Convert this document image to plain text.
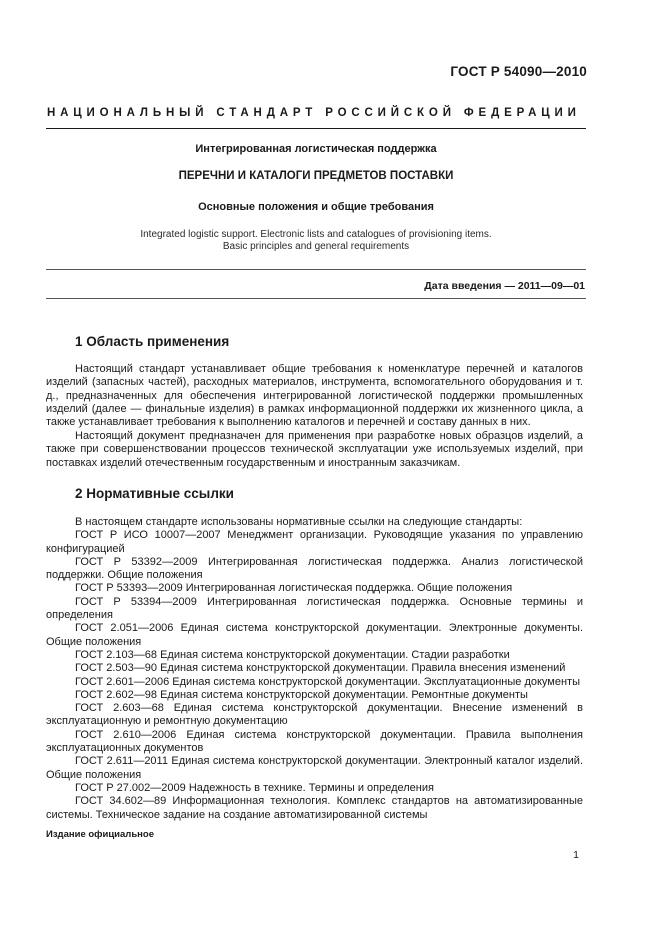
ГОСТ Р 54090—2010
НАЦИОНАЛЬНЫЙ СТАНДАРТ РОССИЙСКОЙ ФЕДЕРАЦИИ
Интегрированная логистическая поддержка
ПЕРЕЧНИ И КАТАЛОГИ ПРЕДМЕТОВ ПОСТАВКИ
Основные положения и общие требования
Integrated logistic support. Electronic lists and catalogues of provisioning items.
Basic principles and general requirements
Дата введения — 2011—09—01
1 Область применения
Настоящий стандарт устанавливает общие требования к номенклатуре перечней и каталогов изделий (запасных частей), расходных материалов, инструмента, вспомогательного оборудования и т. д., предназначенных для обеспечения интегрированной логистической поддержки промышленных изделий (далее — финальные изделия) в рамках информационной поддержки их жизненного цикла, а также устанавливает требования к выполнению каталогов и перечней и составу данных в них.
Настоящий документ предназначен для применения при разработке новых образцов изделий, а также при совершенствовании процессов технической эксплуатации уже используемых изделий, при поставках изделий отечественным государственным и иностранным заказчикам.
2 Нормативные ссылки

В настоящем стандарте использованы нормативные ссылки на следующие стандарты:

ГОСТ Р ИСО 10007—2007 Менеджмент организации. Руководящие указания по управлению конфигурацией

ГОСТ Р 53392—2009 Интегрированная логистическая поддержка. Анализ логистической поддержки. Общие положения

ГОСТ Р 53393—2009 Интегрированная логистическая поддержка. Общие положения

ГОСТ Р 53394—2009 Интегрированная логистическая поддержка. Основные термины и определения

ГОСТ 2.051—2006 Единая система конструкторской документации. Электронные документы. Общие положения

ГОСТ 2.103—68 Единая система конструкторской документации. Стадии разработки

ГОСТ 2.503—90 Единая система конструкторской документации. Правила внесения изменений

ГОСТ 2.601—2006 Единая система конструкторской документации. Эксплуатационные документы

ГОСТ 2.602—98 Единая система конструкторской документации. Ремонтные документы

ГОСТ 2.603—68 Единая система конструкторской документации. Внесение изменений в эксплуатационную и ремонтную документацию

ГОСТ 2.610—2006 Единая система конструкторской документации. Правила выполнения эксплуатационных документов

ГОСТ 2.611—2011 Единая система конструкторской документации. Электронный каталог изделий. Общие положения

ГОСТ Р 27.002—2009 Надежность в технике. Термины и определения

ГОСТ 34.602—89 Информационная технология. Комплекс стандартов на автоматизированные системы. Техническое задание на создание автоматизированной системы

Издание официальное
1
